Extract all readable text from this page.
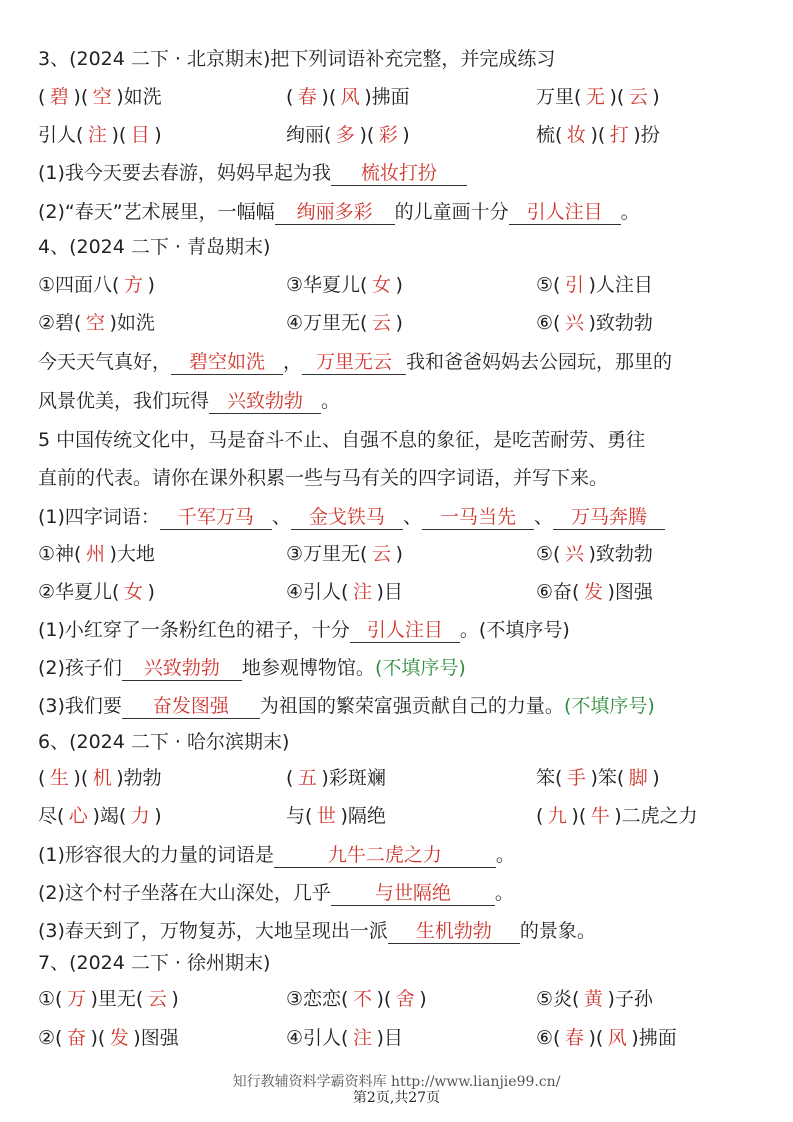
3、(2024 二下 · 北京期末)把下列词语补充完整，并完成练习
( 碧 )( 空 )如洗	( 春 )( 风 )拂面	万里( 无 )( 云 )
引人( 注 )( 目 )	绚丽( 多 )( 彩 )	梳( 妆 )( 打 )扮
(1)我今天要去春游，妈妈早起为我 梳妆打扮
(2)“春天”艺术展里，一幅幅 绚丽多彩 的儿童画十分 引人注目 。
4、(2024 二下 · 青岛期末)
①四面八( 方 )	③华夏儿( 女 )	⑤( 引 )人注目
②碧( 空 )如洗	④万里无( 云 )	⑥( 兴 )致勃勃
今天天气真好， 碧空如洗 ， 万里无云 我和爸爸妈妈去公园玩，那里的
风景优美，我们玩得 兴致勃勃 。
5 中国传统文化中，马是奋斗不止、自强不息的象征，是吃苦耐劳、勇往
直前的代表。请你在课外积累一些与马有关的四字词语，并写下来。
(1)四字词语： 千军万马 、 金戈铁马 、 一马当先 、 万马奔腾
①神( 州 )大地	③万里无( 云 )	⑤( 兴 )致勃勃
②华夏儿( 女 )	④引人( 注 )目	⑥奋( 发 )图强
(1)小红穿了一条粉红色的裙子，十分 引人注目 。(不填序号)
(2)孩子们 兴致勃勃 地参观博物馆。(不填序号)
(3)我们要 奋发图强 为祖国的繁荣富强贡献自己的力量。(不填序号)
6、(2024 二下 · 哈尔滨期末)
( 生 )( 机 )勃勃	( 五 )彩斑斓	笨( 手 )笨( 脚 )
尽( 心 )竭( 力 )	与( 世 )隔绝	( 九 )( 牛 )二虎之力
(1)形容很大的力量的词语是	九牛二虎之力	。
(2)这个村子坐落在大山深处，几乎 与世隔绝 。
(3)春天到了，万物复苏，大地呈现出一派 生机勃勃 的景象。
7、(2024 二下 · 徐州期末)
①( 万 )里无( 云 )	③恋恋( 不 )( 舍 )	⑤炎( 黄 )子孙
②( 奋 )( 发 )图强	④引人( 注 )目	⑥( 春 )( 风 )拂面
知行教辅资料学霸资料库 http://www.lianjie99.cn/
第2页,共27页
